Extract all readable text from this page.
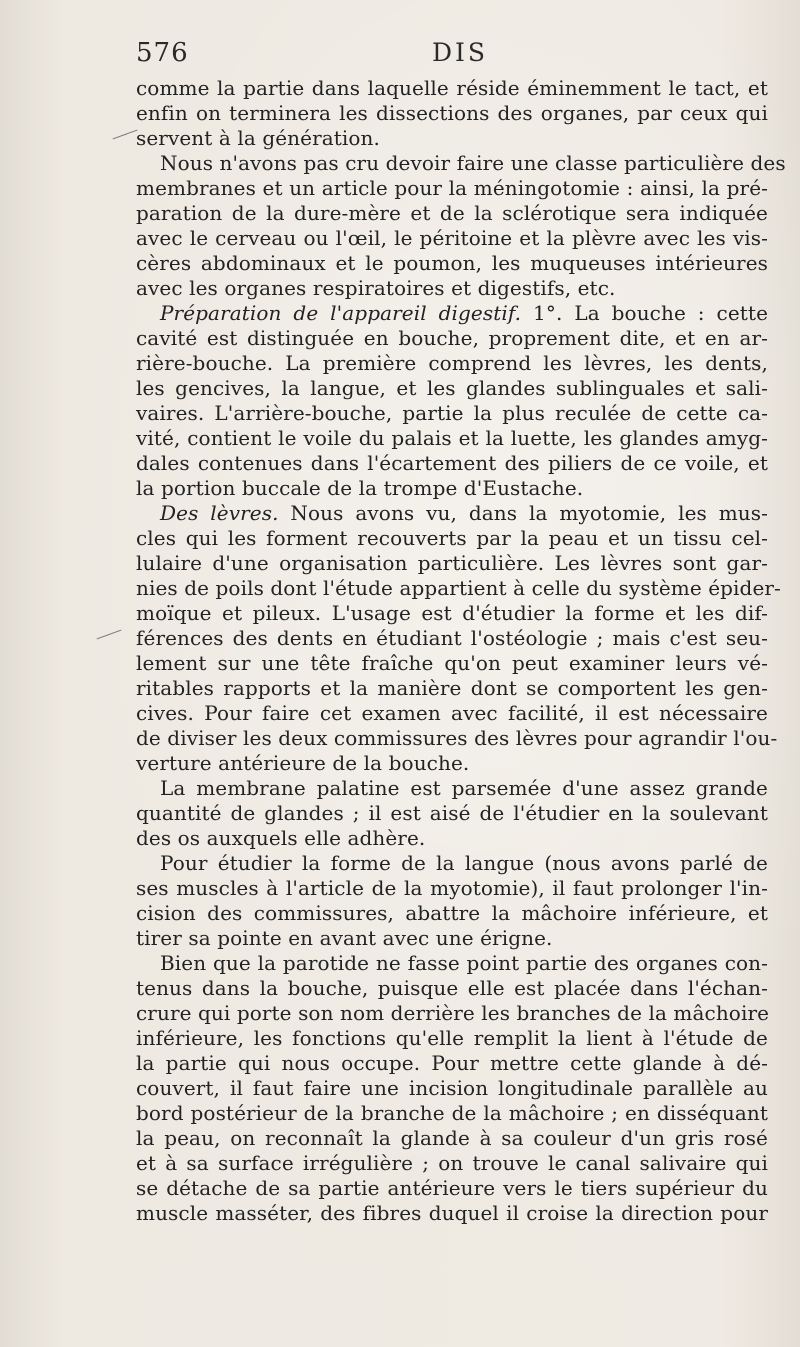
576	DIS
comme la partie dans laquelle réside éminemment le tact, et
enfin on terminera les dissections des organes, par ceux qui
servent à la génération.
Nous n'avons pas cru devoir faire une classe particulière des
membranes et un article pour la méningotomie : ainsi, la pré-
paration de la dure-mère et de la sclérotique sera indiquée
avec le cerveau ou l'œil, le péritoine et la plèvre avec les vis-
cères abdominaux et le poumon, les muqueuses intérieures
avec les organes respiratoires et digestifs, etc.
Préparation de l'appareil digestif. 1°. La bouche : cette
cavité est distinguée en bouche, proprement dite, et en ar-
rière-bouche. La première comprend les lèvres, les dents,
les gencives, la langue, et les glandes sublinguales et sali-
vaires. L'arrière-bouche, partie la plus reculée de cette ca-
vité, contient le voile du palais et la luette, les glandes amyg-
dales contenues dans l'écartement des piliers de ce voile, et
la portion buccale de la trompe d'Eustache.
Des lèvres. Nous avons vu, dans la myotomie, les mus-
cles qui les forment recouverts par la peau et un tissu cel-
lulaire d'une organisation particulière. Les lèvres sont gar-
nies de poils dont l'étude appartient à celle du système épider-
moïque et pileux. L'usage est d'étudier la forme et les dif-
férences des dents en étudiant l'ostéologie ; mais c'est seu-
lement sur une tête fraîche qu'on peut examiner leurs vé-
ritables rapports et la manière dont se comportent les gen-
cives. Pour faire cet examen avec facilité, il est nécessaire
de diviser les deux commissures des lèvres pour agrandir l'ou-
verture antérieure de la bouche.
La membrane palatine est parsemée d'une assez grande
quantité de glandes ; il est aisé de l'étudier en la soulevant
des os auxquels elle adhère.
Pour étudier la forme de la langue (nous avons parlé de
ses muscles à l'article de la myotomie), il faut prolonger l'in-
cision des commissures, abattre la mâchoire inférieure, et
tirer sa pointe en avant avec une érigne.
Bien que la parotide ne fasse point partie des organes con-
tenus dans la bouche, puisque elle est placée dans l'échan-
crure qui porte son nom derrière les branches de la mâchoire
inférieure, les fonctions qu'elle remplit la lient à l'étude de
la partie qui nous occupe. Pour mettre cette glande à dé-
couvert, il faut faire une incision longitudinale parallèle au
bord postérieur de la branche de la mâchoire ; en disséquant
la peau, on reconnaît la glande à sa couleur d'un gris rosé
et à sa surface irrégulière ; on trouve le canal salivaire qui
se détache de sa partie antérieure vers le tiers supérieur du
muscle masséter, des fibres duquel il croise la direction pour
